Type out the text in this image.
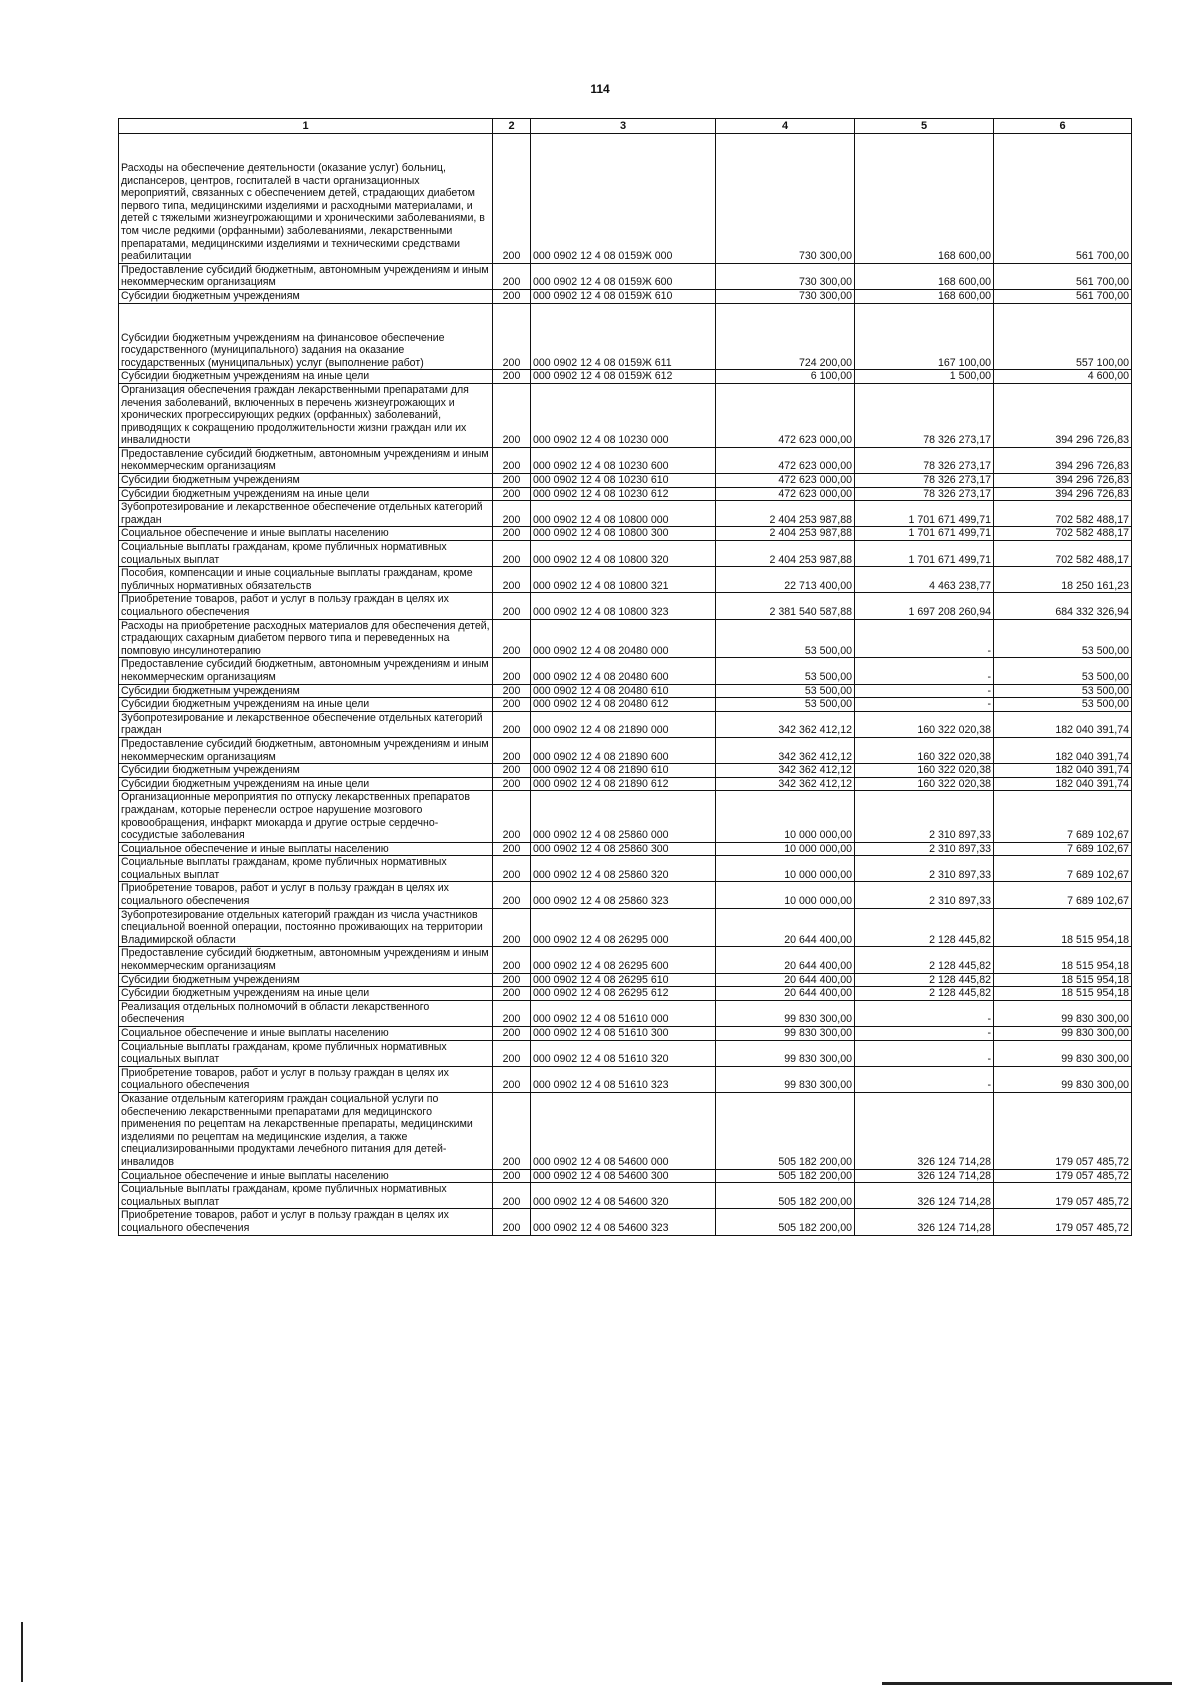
114
1	2	3	4	5	6
Расходы на обеспечение деятельности (оказание услуг) больниц, диспансеров, центров, госпиталей в части организационных мероприятий, связанных с обеспечением детей, страдающих диабетом первого типа, медицинскими изделиями и расходными материалами, и детей с тяжелыми жизнеугрожающими и хроническими заболеваниями, в том числе редкими (орфанными) заболеваниями, лекарственными препаратами, медицинскими изделиями и техническими средствами реабилитации	200	000 0902 12 4 08 0159Ж 000	730 300,00	168 600,00	561 700,00
Предоставление субсидий бюджетным, автономным учреждениям и иным некоммерческим организациям	200	000 0902 12 4 08 0159Ж 600	730 300,00	168 600,00	561 700,00
Субсидии бюджетным учреждениям	200	000 0902 12 4 08 0159Ж 610	730 300,00	168 600,00	561 700,00
Субсидии бюджетным учреждениям на финансовое обеспечение государственного (муниципального) задания на оказание государственных (муниципальных) услуг (выполнение работ)	200	000 0902 12 4 08 0159Ж 611	724 200,00	167 100,00	557 100,00
Субсидии бюджетным учреждениям на иные цели	200	000 0902 12 4 08 0159Ж 612	6 100,00	1 500,00	4 600,00
Организация обеспечения граждан лекарственными препаратами для лечения заболеваний, включенных в перечень жизнеугрожающих и хронических прогрессирующих редких (орфанных) заболеваний, приводящих к сокращению продолжительности жизни граждан или их инвалидности	200	000 0902 12 4 08 10230 000	472 623 000,00	78 326 273,17	394 296 726,83
Предоставление субсидий бюджетным, автономным учреждениям и иным некоммерческим организациям	200	000 0902 12 4 08 10230 600	472 623 000,00	78 326 273,17	394 296 726,83
Субсидии бюджетным учреждениям	200	000 0902 12 4 08 10230 610	472 623 000,00	78 326 273,17	394 296 726,83
Субсидии бюджетным учреждениям на иные цели	200	000 0902 12 4 08 10230 612	472 623 000,00	78 326 273,17	394 296 726,83
Зубопротезирование и лекарственное обеспечение отдельных категорий граждан	200	000 0902 12 4 08 10800 000	2 404 253 987,88	1 701 671 499,71	702 582 488,17
Социальное обеспечение и иные выплаты населению	200	000 0902 12 4 08 10800 300	2 404 253 987,88	1 701 671 499,71	702 582 488,17
Социальные выплаты гражданам, кроме публичных нормативных социальных выплат	200	000 0902 12 4 08 10800 320	2 404 253 987,88	1 701 671 499,71	702 582 488,17
Пособия, компенсации и иные социальные выплаты гражданам, кроме публичных нормативных обязательств	200	000 0902 12 4 08 10800 321	22 713 400,00	4 463 238,77	18 250 161,23
Приобретение товаров, работ и услуг в пользу граждан в целях их социального обеспечения	200	000 0902 12 4 08 10800 323	2 381 540 587,88	1 697 208 260,94	684 332 326,94
Расходы на приобретение расходных материалов для обеспечения детей, страдающих сахарным диабетом первого типа и переведенных на помповую инсулинотерапию	200	000 0902 12 4 08 20480 000	53 500,00	-	53 500,00
Предоставление субсидий бюджетным, автономным учреждениям и иным некоммерческим организациям	200	000 0902 12 4 08 20480 600	53 500,00	-	53 500,00
Субсидии бюджетным учреждениям	200	000 0902 12 4 08 20480 610	53 500,00	-	53 500,00
Субсидии бюджетным учреждениям на иные цели	200	000 0902 12 4 08 20480 612	53 500,00	-	53 500,00
Зубопротезирование и лекарственное обеспечение отдельных категорий граждан	200	000 0902 12 4 08 21890 000	342 362 412,12	160 322 020,38	182 040 391,74
Предоставление субсидий бюджетным, автономным учреждениям и иным некоммерческим организациям	200	000 0902 12 4 08 21890 600	342 362 412,12	160 322 020,38	182 040 391,74
Субсидии бюджетным учреждениям	200	000 0902 12 4 08 21890 610	342 362 412,12	160 322 020,38	182 040 391,74
Субсидии бюджетным учреждениям на иные цели	200	000 0902 12 4 08 21890 612	342 362 412,12	160 322 020,38	182 040 391,74
Организационные мероприятия по отпуску лекарственных препаратов гражданам, которые перенесли острое нарушение мозгового кровообращения, инфаркт миокарда и другие острые сердечно-сосудистые заболевания	200	000 0902 12 4 08 25860 000	10 000 000,00	2 310 897,33	7 689 102,67
Социальное обеспечение и иные выплаты населению	200	000 0902 12 4 08 25860 300	10 000 000,00	2 310 897,33	7 689 102,67
Социальные выплаты гражданам, кроме публичных нормативных социальных выплат	200	000 0902 12 4 08 25860 320	10 000 000,00	2 310 897,33	7 689 102,67
Приобретение товаров, работ и услуг в пользу граждан в целях их социального обеспечения	200	000 0902 12 4 08 25860 323	10 000 000,00	2 310 897,33	7 689 102,67
Зубопротезирование отдельных категорий граждан из числа участников специальной военной операции, постоянно проживающих на территории Владимирской области	200	000 0902 12 4 08 26295 000	20 644 400,00	2 128 445,82	18 515 954,18
Предоставление субсидий бюджетным, автономным учреждениям и иным некоммерческим организациям	200	000 0902 12 4 08 26295 600	20 644 400,00	2 128 445,82	18 515 954,18
Субсидии бюджетным учреждениям	200	000 0902 12 4 08 26295 610	20 644 400,00	2 128 445,82	18 515 954,18
Субсидии бюджетным учреждениям на иные цели	200	000 0902 12 4 08 26295 612	20 644 400,00	2 128 445,82	18 515 954,18
Реализация отдельных полномочий в области лекарственного обеспечения	200	000 0902 12 4 08 51610 000	99 830 300,00	-	99 830 300,00
Социальное обеспечение и иные выплаты населению	200	000 0902 12 4 08 51610 300	99 830 300,00	-	99 830 300,00
Социальные выплаты гражданам, кроме публичных нормативных социальных выплат	200	000 0902 12 4 08 51610 320	99 830 300,00	-	99 830 300,00
Приобретение товаров, работ и услуг в пользу граждан в целях их социального обеспечения	200	000 0902 12 4 08 51610 323	99 830 300,00	-	99 830 300,00
Оказание отдельным категориям граждан социальной услуги по обеспечению лекарственными препаратами для медицинского применения по рецептам на лекарственные препараты, медицинскими изделиями по рецептам на медицинские изделия, а также специализированными продуктами лечебного питания для детей-инвалидов	200	000 0902 12 4 08 54600 000	505 182 200,00	326 124 714,28	179 057 485,72
Социальное обеспечение и иные выплаты населению	200	000 0902 12 4 08 54600 300	505 182 200,00	326 124 714,28	179 057 485,72
Социальные выплаты гражданам, кроме публичных нормативных социальных выплат	200	000 0902 12 4 08 54600 320	505 182 200,00	326 124 714,28	179 057 485,72
Приобретение товаров, работ и услуг в пользу граждан в целях их социального обеспечения	200	000 0902 12 4 08 54600 323	505 182 200,00	326 124 714,28	179 057 485,72
